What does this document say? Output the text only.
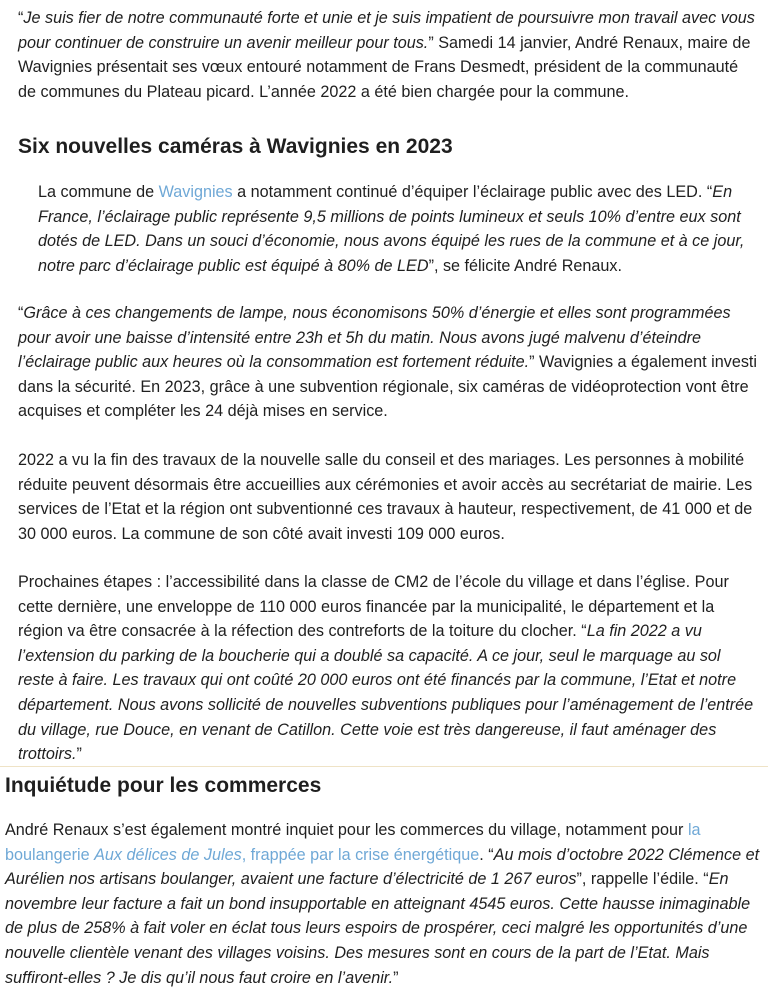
“Je suis fier de notre communauté forte et unie et je suis impatient de poursuivre mon travail avec vous pour continuer de construire un avenir meilleur pour tous.” Samedi 14 janvier, André Renaux, maire de Wavignies présentait ses vœux entouré notamment de Frans Desmedt, président de la communauté de communes du Plateau picard. L’année 2022 a été bien chargée pour la commune.

Six nouvelles caméras à Wavignies en 2023

La commune de Wavignies a notamment continué d’équiper l’éclairage public avec des LED. “En France, l’éclairage public représente 9,5 millions de points lumineux et seuls 10% d’entre eux sont dotés de LED. Dans un souci d’économie, nous avons équipé les rues de la commune et à ce jour, notre parc d’éclairage public est équipé à 80% de LED”, se félicite André Renaux.

“Grâce à ces changements de lampe, nous économisons 50% d’énergie et elles sont programmées pour avoir une baisse d’intensité entre 23h et 5h du matin. Nous avons jugé malvenu d’éteindre l’éclairage public aux heures où la consommation est fortement réduite.” Wavignies a également investi dans la sécurité. En 2023, grâce à une subvention régionale, six caméras de vidéoprotection vont être acquises et compléter les 24 déjà mises en service.

2022 a vu la fin des travaux de la nouvelle salle du conseil et des mariages. Les personnes à mobilité réduite peuvent désormais être accueillies aux cérémonies et avoir accès au secrétariat de mairie. Les services de l’Etat et la région ont subventionné ces travaux à hauteur, respectivement, de 41 000 et de 30 000 euros. La commune de son côté avait investi 109 000 euros.

Prochaines étapes : l’accessibilité dans la classe de CM2 de l’école du village et dans l’église. Pour cette dernière, une enveloppe de 110 000 euros financée par la municipalité, le département et la région va être consacrée à la réfection des contreforts de la toiture du clocher. “La fin 2022 a vu l’extension du parking de la boucherie qui a doublé sa capacité. A ce jour, seul le marquage au sol reste à faire. Les travaux qui ont coûté 20 000 euros ont été financés par la commune, l’Etat et notre département. Nous avons sollicité de nouvelles subventions publiques pour l’aménagement de l’entrée du village, rue Douce, en venant de Catillon. Cette voie est très dangereuse, il faut aménager des trottoirs.”

Inquiétude pour les commerces

André Renaux s’est également montré inquiet pour les commerces du village, notamment pour la boulangerie Aux délices de Jules, frappée par la crise énergétique. “Au mois d’octobre 2022 Clémence et Aurélien nos artisans boulanger, avaient une facture d’électricité de 1 267 euros”, rappelle l’édile. “En novembre leur facture a fait un bond insupportable en atteignant 4545 euros. Cette hausse inimaginable de plus de 258% à fait voler en éclat tous leurs espoirs de prospérer, ceci malgré les opportunités d’une nouvelle clientèle venant des villages voisins. Des mesures sont en cours de la part de l’Etat. Mais suffiront-elles ? Je dis qu’il nous faut croire en l’avenir.”
